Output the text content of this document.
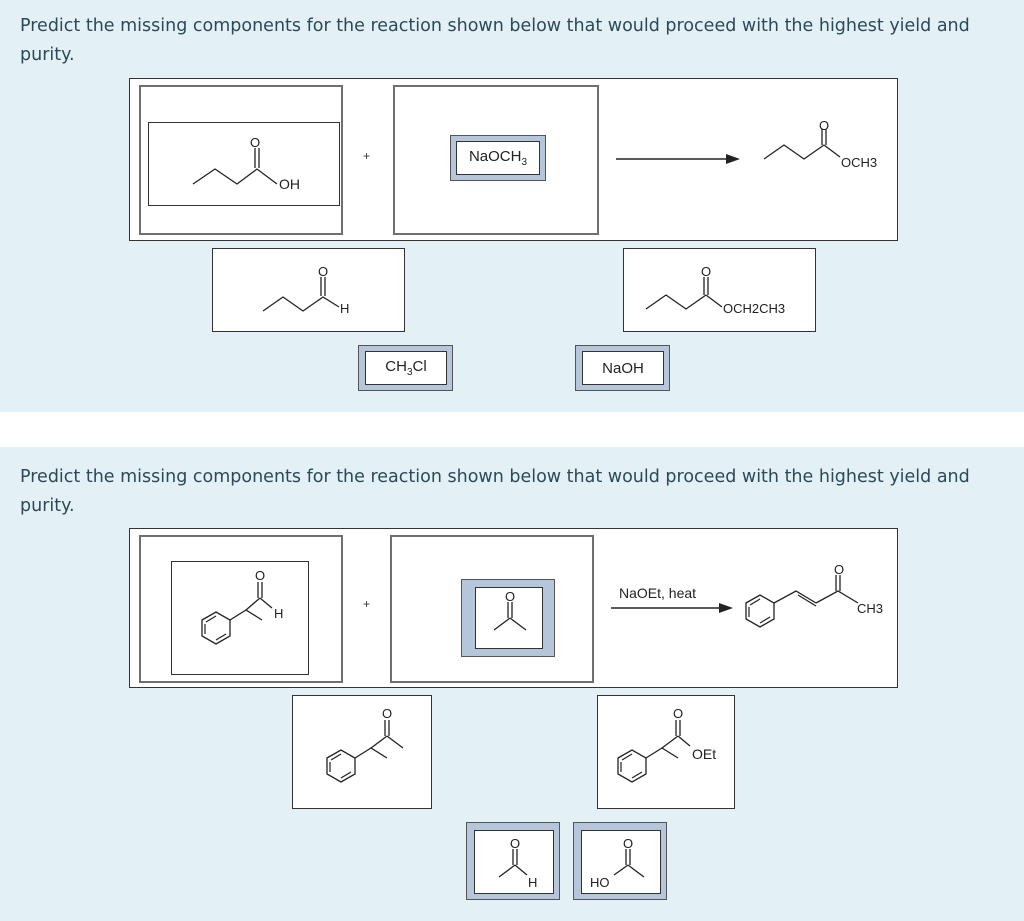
Predict the missing components for the reaction shown below that would proceed with the highest yield and purity.
O
OH
+	NaOCH$_3$
O
OCH3
O
H
O
OCH2CH3
$CH_3Cl$	NaOH
Predict the missing components for the reaction shown below that would proceed with the highest yield and purity.
O
H
+	O	NaOEt, heat
O
CH3
O	O
OEt
O
H
O
HO
